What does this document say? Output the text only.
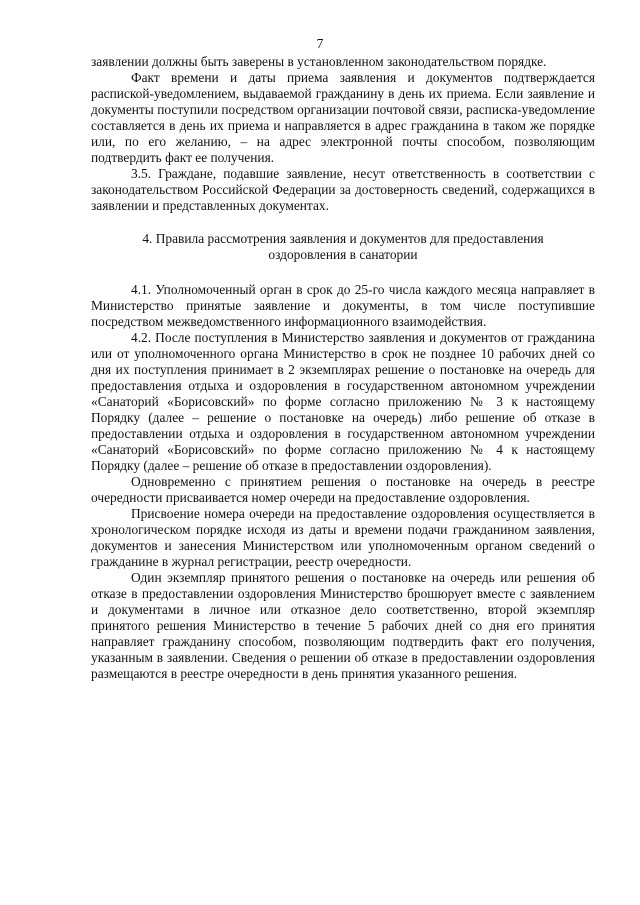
7

заявлении должны быть заверены в установленном законодательством порядке.

Факт времени и даты приема заявления и документов подтверждается распиской-уведомлением, выдаваемой гражданину в день их приема. Если заявление и документы поступили посредством организации почтовой связи, расписка-уведомление составляется в день их приема и направляется в адрес гражданина в таком же порядке или, по его желанию, – на адрес электронной почты способом, позволяющим подтвердить факт ее получения.

3.5. Граждане, подавшие заявление, несут ответственность в соответствии с законодательством Российской Федерации за достоверность сведений, содержащихся в заявлении и представленных документах.

4. Правила рассмотрения заявления и документов для предоставления
оздоровления в санатории

4.1. Уполномоченный орган в срок до 25-го числа каждого месяца направляет в Министерство принятые заявление и документы, в том числе поступившие посредством межведомственного информационного взаимодействия.

4.2. После поступления в Министерство заявления и документов от гражданина или от уполномоченного органа Министерство в срок не позднее 10 рабочих дней со дня их поступления принимает в 2 экземплярах решение о постановке на очередь для предоставления отдыха и оздоровления в государственном автономном учреждении «Санаторий «Борисовский» по форме согласно приложению № 3 к настоящему Порядку (далее – решение о постановке на очередь) либо решение об отказе в предоставлении отдыха и оздоровления в государственном автономном учреждении «Санаторий «Борисовский» по форме согласно приложению № 4 к настоящему Порядку (далее – решение об отказе в предоставлении оздоровления).

Одновременно с принятием решения о постановке на очередь в реестре очередности присваивается номер очереди на предоставление оздоровления.

Присвоение номера очереди на предоставление оздоровления осуществляется в хронологическом порядке исходя из даты и времени подачи гражданином заявления, документов и занесения Министерством или уполномоченным органом сведений о гражданине в журнал регистрации, реестр очередности.

Один экземпляр принятого решения о постановке на очередь или решения об отказе в предоставлении оздоровления Министерство брошюрует вместе с заявлением и документами в личное или отказное дело соответственно, второй экземпляр принятого решения Министерство в течение 5 рабочих дней со дня его принятия направляет гражданину способом, позволяющим подтвердить факт его получения, указанным в заявлении. Сведения о решении об отказе в предоставлении оздоровления размещаются в реестре очередности в день принятия указанного решения.
